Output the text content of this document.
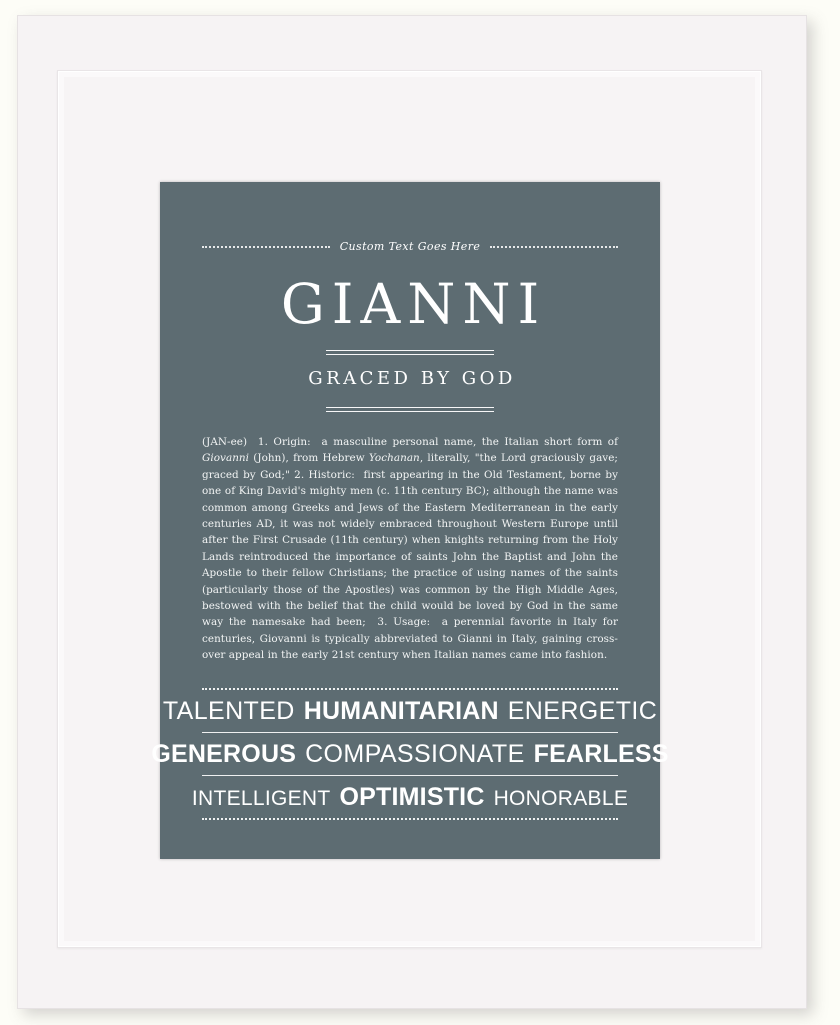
Custom Text Goes Here
GIANNI
GRACED BY GOD

(JAN-ee)  1. Origin:  a masculine personal name, the Italian short form of Giovanni (John), from Hebrew Yochanan, literally, "the Lord graciously gave; graced by God;" 2. Historic:  first appearing in the Old Testament, borne by one of King David's mighty men (c. 11th century BC); although the name was common among Greeks and Jews of the Eastern Mediterranean in the early centuries AD, it was not widely embraced throughout Western Europe until after the First Crusade (11th century) when knights returning from the Holy Lands reintroduced the importance of saints John the Baptist and John the Apostle to their fellow Christians; the practice of using names of the saints (particularly those of the Apostles) was common by the High Middle Ages, bestowed with the belief that the child would be loved by God in the same way the namesake had been;  3. Usage:  a perennial favorite in Italy for centuries, Giovanni is typically abbreviated to Gianni in Italy, gaining cross-over appeal in the early 21st century when Italian names came into fashion.

TALENTED HUMANITARIAN ENERGETIC
GENEROUS COMPASSIONATE FEARLESS
INTELLIGENT OPTIMISTIC HONORABLE
